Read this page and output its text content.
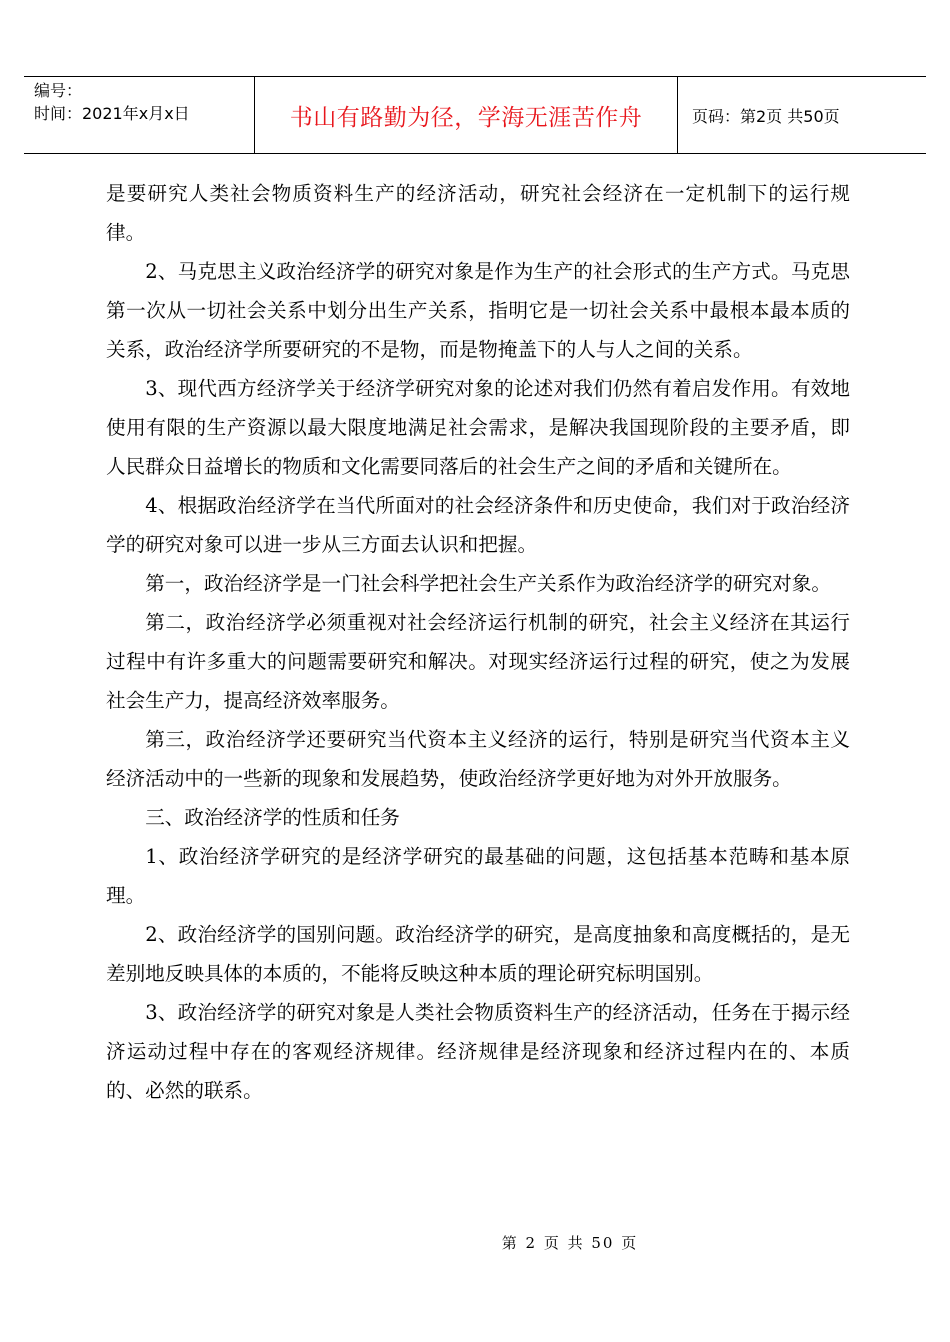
编号：
时间：2021年x月x日	书山有路勤为径，学海无涯苦作舟	页码：第2页 共50页

是要研究人类社会物质资料生产的经济活动，研究社会经济在一定机制下的运行规律。

2、马克思主义政治经济学的研究对象是作为生产的社会形式的生产方式。马克思第一次从一切社会关系中划分出生产关系，指明它是一切社会关系中最根本最本质的关系，政治经济学所要研究的不是物，而是物掩盖下的人与人之间的关系。

3、现代西方经济学关于经济学研究对象的论述对我们仍然有着启发作用。有效地使用有限的生产资源以最大限度地满足社会需求，是解决我国现阶段的主要矛盾，即人民群众日益增长的物质和文化需要同落后的社会生产之间的矛盾和关键所在。

4、根据政治经济学在当代所面对的社会经济条件和历史使命，我们对于政治经济学的研究对象可以进一步从三方面去认识和把握。

第一，政治经济学是一门社会科学把社会生产关系作为政治经济学的研究对象。

第二，政治经济学必须重视对社会经济运行机制的研究，社会主义经济在其运行过程中有许多重大的问题需要研究和解决。对现实经济运行过程的研究，使之为发展社会生产力，提高经济效率服务。

第三，政治经济学还要研究当代资本主义经济的运行，特别是研究当代资本主义经济活动中的一些新的现象和发展趋势，使政治经济学更好地为对外开放服务。

三、政治经济学的性质和任务

1、政治经济学研究的是经济学研究的最基础的问题，这包括基本范畴和基本原理。

2、政治经济学的国别问题。政治经济学的研究，是高度抽象和高度概括的，是无差别地反映具体的本质的，不能将反映这种本质的理论研究标明国别。

3、政治经济学的研究对象是人类社会物质资料生产的经济活动，任务在于揭示经济运动过程中存在的客观经济规律。经济规律是经济现象和经济过程内在的、本质的、必然的联系。

第 2 页 共 50 页
